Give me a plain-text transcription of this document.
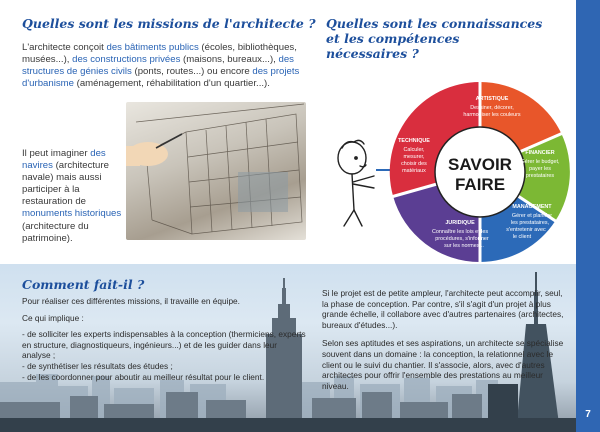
Quelles sont les missions de l'architecte ?
L'architecte conçoit des bâtiments publics (écoles, bibliothèques, musées...), des constructions privées (maisons, bureaux...), des structures de génies civils (ponts, routes...) ou encore des projets d'urbanisme (aménagement, réhabilitation d'un quartier...).
Il peut imaginer des navires (architecture navale) mais aussi participer à la restauration de monuments historiques (architecture du patrimoine).
Quelles sont les connaissances
et les compétences
nécessaires ?
SAVOIR
FAIRE
ARTISTIQUE
Dessiner, décorer,
harmoniser les couleurs
FINANCIER
Gérer le budget,
payer les
prestataires
MANAGEMENT
Gérer et planifier
les prestataires,
s'entretenir avec
le client
JURIDIQUE
Connaître les lois et les
procédures, s'informer
sur les normes...
TECHNIQUE
Calculer,
mesurer,
choisir des
matériaux
Comment fait-il ?

Pour réaliser ces différentes missions, il travaille en équipe.

Ce qui implique :

- de solliciter les experts indispensables à la conception (thermiciens, experts en structure, diagnostiqueurs, ingénieurs...) et de les guider dans leur analyse ;

- de synthétiser les résultats des études ;

- de les coordonner pour aboutir au meilleur résultat pour le client.

Si le projet est de petite ampleur, l'architecte peut accomplir, seul, la phase de conception. Par contre, s'il s'agit d'un projet à plus grande échelle, il collabore avec d'autres partenaires (architectes, bureaux d'études...).

Selon ses aptitudes et ses aspirations, un architecte se spécialise souvent dans un domaine : la conception, la relationnel avec le client ou le suivi du chantier. Il s'associe, alors, avec d'autres architectes pour offrir l'ensemble des prestations au meilleur niveau.

7
